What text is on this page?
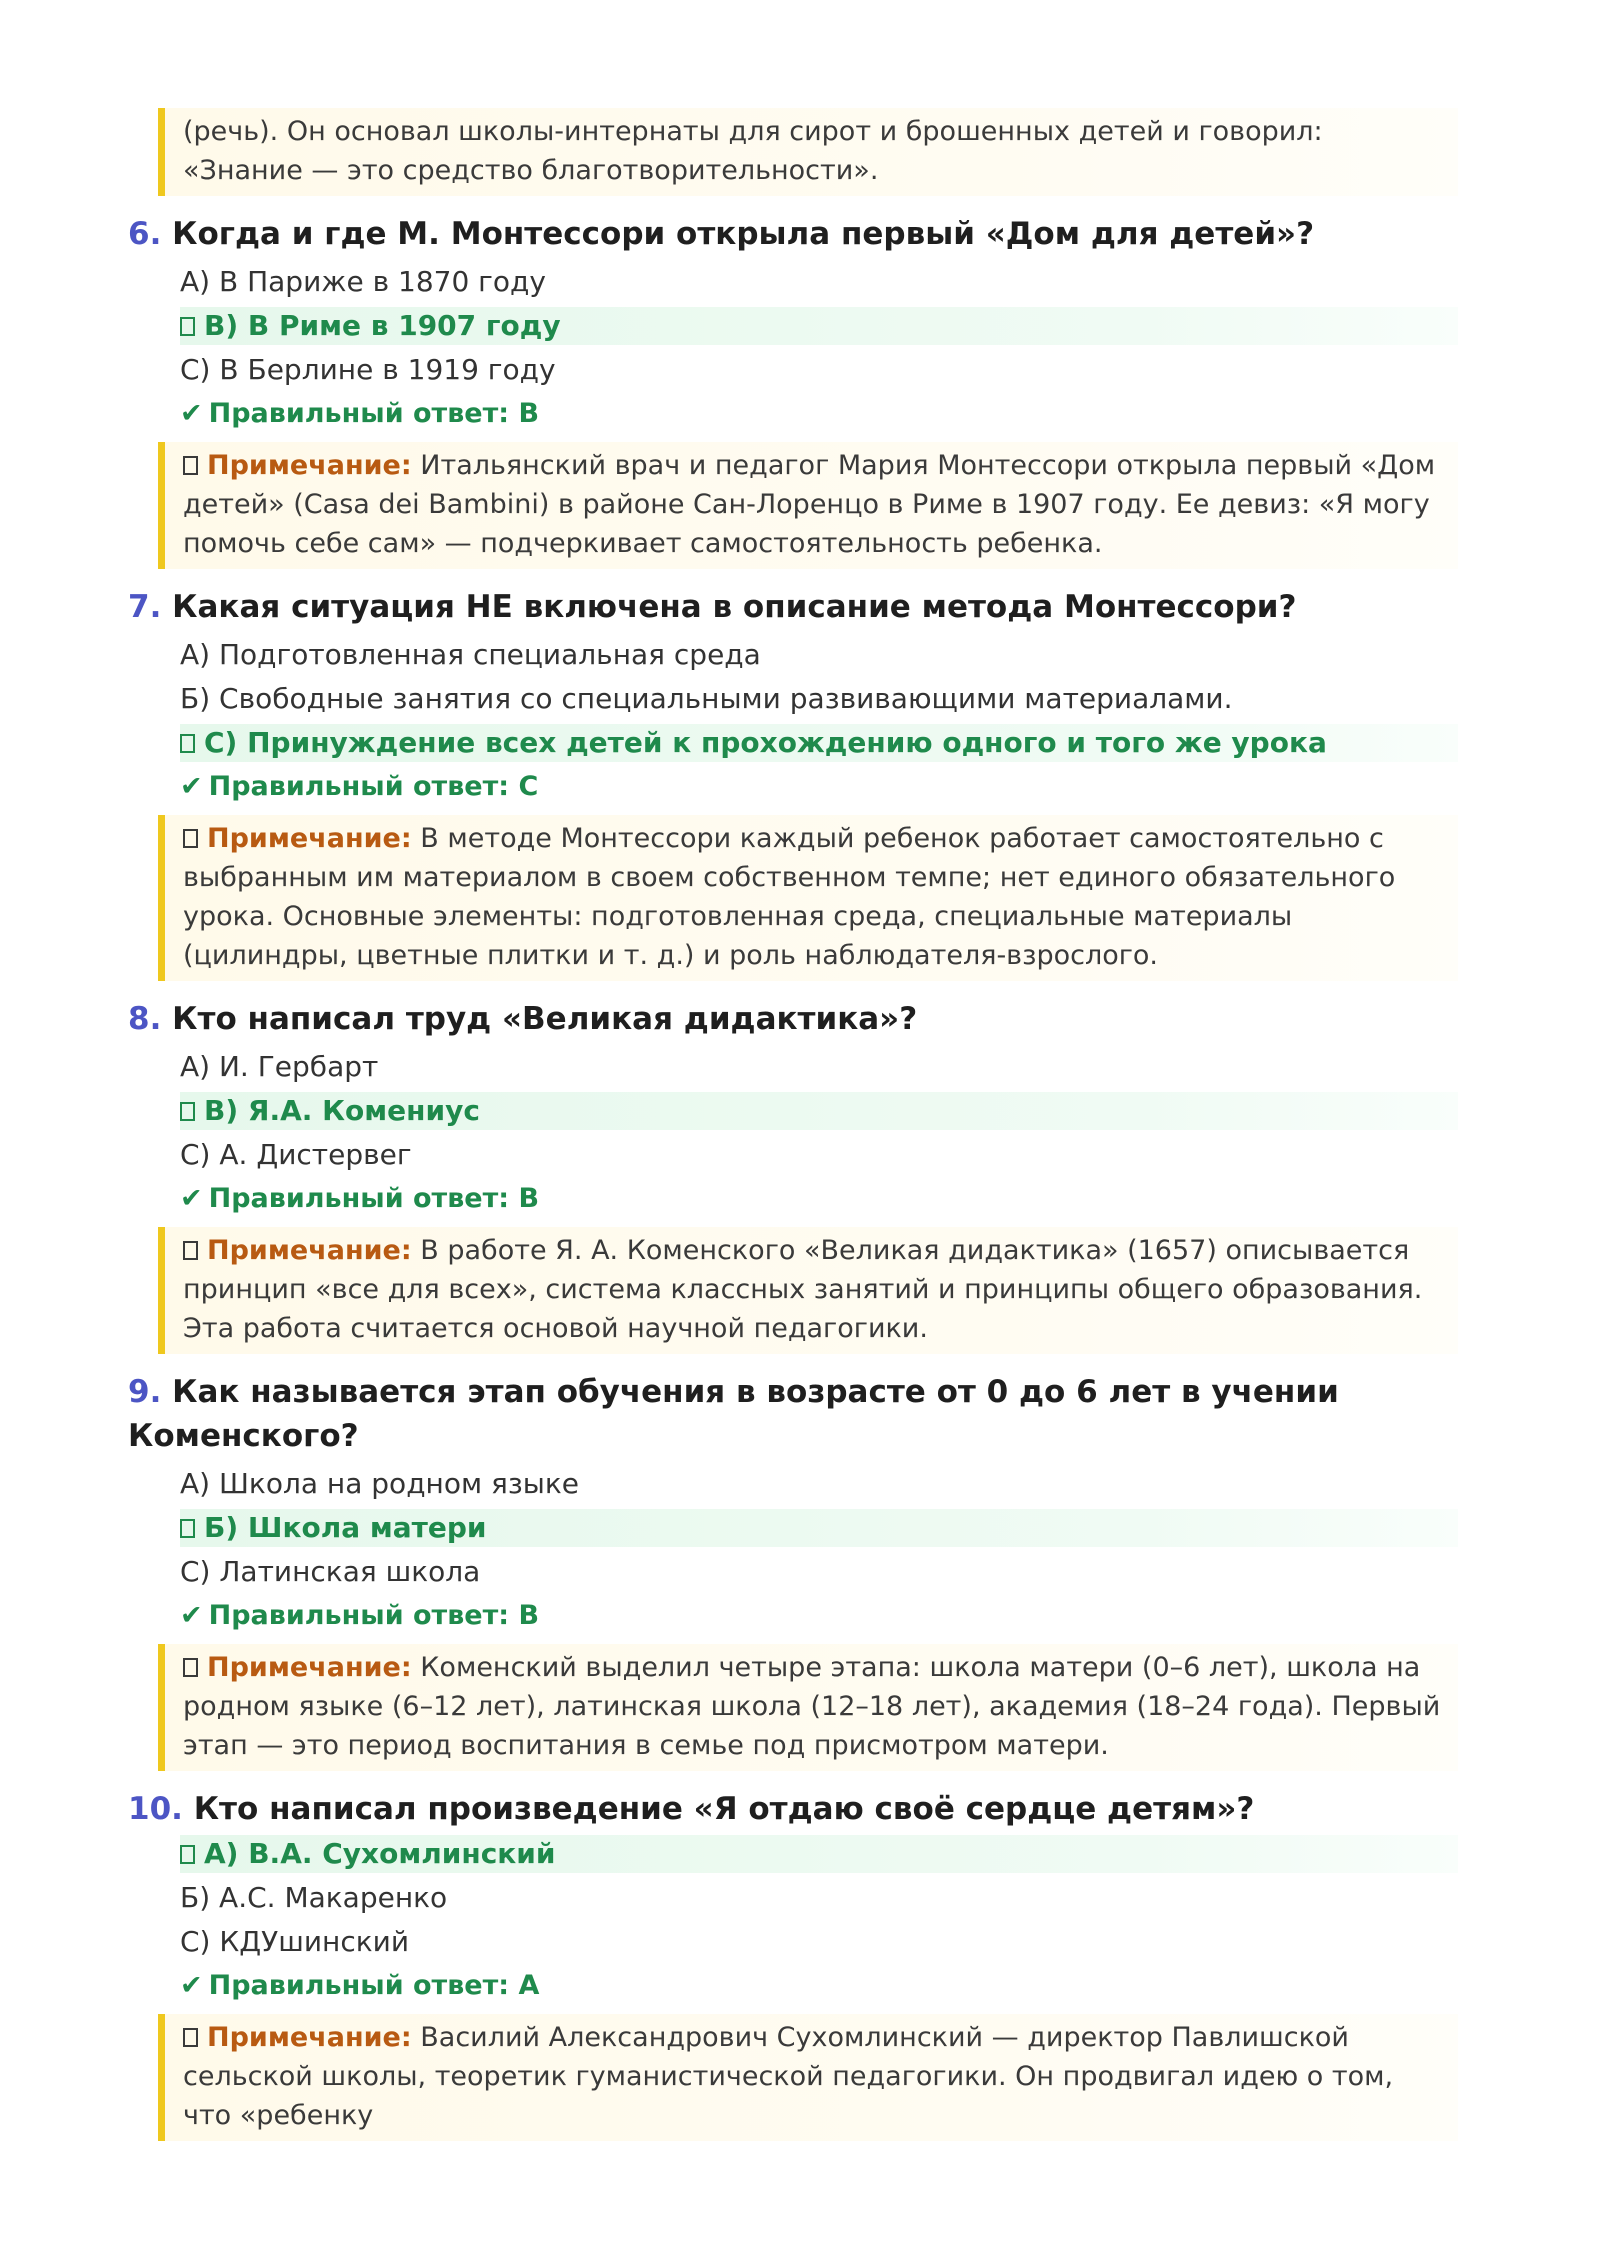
(речь). Он основал школы-интернаты для сирот и брошенных детей и говорил: «Знание — это средство благотворительности».
6. Когда и где М. Монтессори открыла первый «Дом для детей»?
A) В Париже в 1870 году
B) В Риме в 1907 году
C) В Берлине в 1919 году
✔ Правильный ответ: B
Примечание: Итальянский врач и педагог Мария Монтессори открыла первый «Дом детей» (Casa dei Bambini) в районе Сан-Лоренцо в Риме в 1907 году. Ее девиз: «Я могу помочь себе сам» — подчеркивает самостоятельность ребенка.
7. Какая ситуация НЕ включена в описание метода Монтессори?
A) Подготовленная специальная среда
Б) Свободные занятия со специальными развивающими материалами.
C) Принуждение всех детей к прохождению одного и того же урока
✔ Правильный ответ: C
Примечание: В методе Монтессори каждый ребенок работает самостоятельно с выбранным им материалом в своем собственном темпе; нет единого обязательного урока. Основные элементы: подготовленная среда, специальные материалы (цилиндры, цветные плитки и т. д.) и роль наблюдателя-взрослого.
8. Кто написал труд «Великая дидактика»?
A) И. Гербарт
B) Я.А. Комениус
C) А. Дистервег
✔ Правильный ответ: B
Примечание: В работе Я. А. Коменского «Великая дидактика» (1657) описывается принцип «все для всех», система классных занятий и принципы общего образования. Эта работа считается основой научной педагогики.
9. Как называется этап обучения в возрасте от 0 до 6 лет в учении Коменского?
A) Школа на родном языке
Б) Школа матери
C) Латинская школа
✔ Правильный ответ: B
Примечание: Коменский выделил четыре этапа: школа матери (0–6 лет), школа на родном языке (6–12 лет), латинская школа (12–18 лет), академия (18–24 года). Первый этап — это период воспитания в семье под присмотром матери.
10. Кто написал произведение «Я отдаю своё сердце детям»?
A) В.А. Сухомлинский
Б) А.С. Макаренко
C) КДУшинский
✔ Правильный ответ: A
Примечание: Василий Александрович Сухомлинский — директор Павлишской сельской школы, теоретик гуманистической педагогики. Он продвигал идею о том, что «ребенку
